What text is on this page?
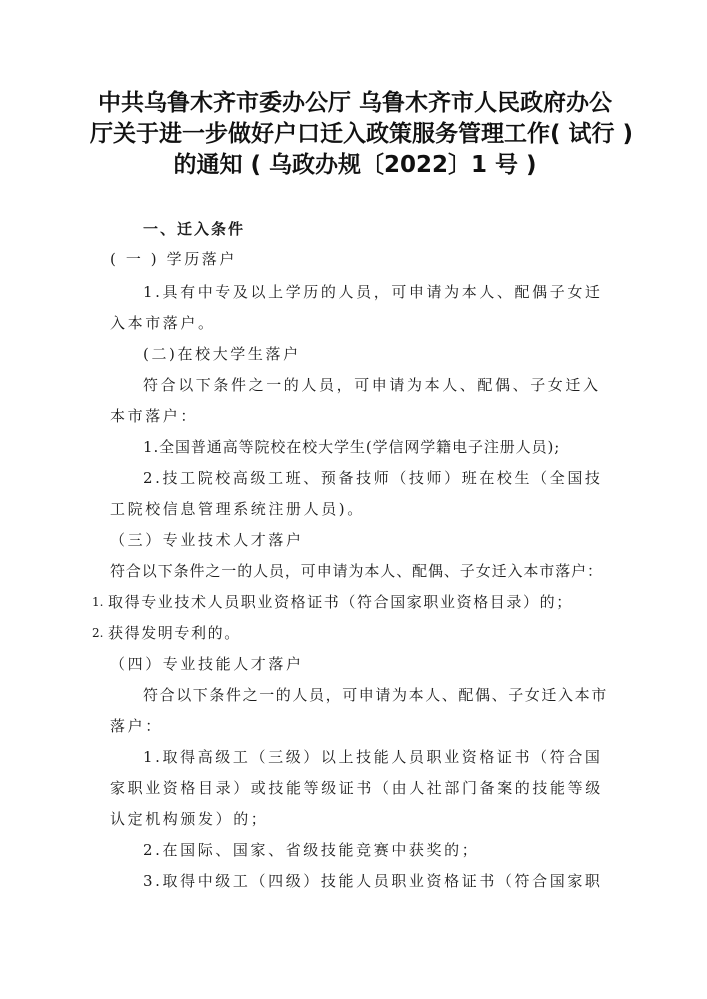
中共乌鲁木齐市委办公厅 乌鲁木齐市人民政府办公
厅关于进一步做好户口迁入政策服务管理工作( 试行 )
的通知 ( 乌政办规〔2022〕1 号 )
一、迁入条件
( 一 ) 学历落户
1.具有中专及以上学历的人员，可申请为本人、配偶子女迁
入本市落户。
(二)在校大学生落户
符合以下条件之一的人员，可申请为本人、配偶、子女迁入
本市落户：
1.全国普通高等院校在校大学生(学信网学籍电子注册人员);
2.技工院校高级工班、预备技师（技师）班在校生（全国技
工院校信息管理系统注册人员)。
（三）专业技术人才落户
符合以下条件之一的人员，可申请为本人、配偶、子女迁入本市落户：
1. 取得专业技术人员职业资格证书（符合国家职业资格目录）的；
2. 获得发明专利的。
（四）专业技能人才落户
符合以下条件之一的人员，可申请为本人、配偶、子女迁入本市
落户：
1.取得高级工（三级）以上技能人员职业资格证书（符合国
家职业资格目录）或技能等级证书（由人社部门备案的技能等级
认定机构颁发）的；
2.在国际、国家、省级技能竞赛中获奖的；
3.取得中级工（四级）技能人员职业资格证书（符合国家职
